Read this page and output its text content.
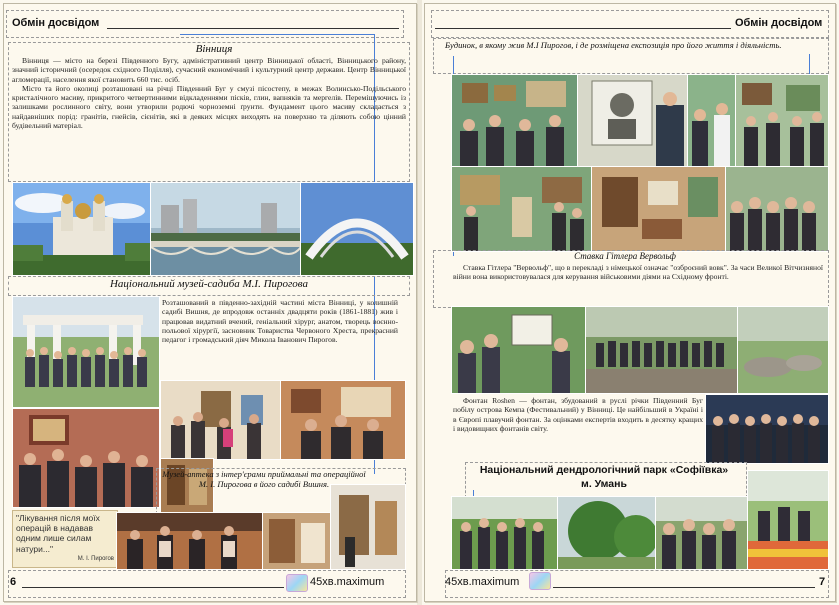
Обмін досвідом
Вінниця

Вінниця — місто на березі Південного Бугу, адміністративний центр Вінницької області, Вінницького району, значний історичний (осередок східного Поділля), сучасний економічний і культурний центр держави. Центр Вінницької агломерації, населення якої становить 660 тис. осіб.

Місто та його околиці розташовані на річці Південний Буг у смузі пісостепу, в межах Волинсько-Подільського кристалічного масиву, прикритого четвертинними відкладеннями пісків, глин, вапняків та мергелів. Перемішуючись із залишками рослинного світу, вони утворили родючі чорноземні ґрунти. Фундамент цього масиву складається з найдавніших порід: гранітів, гнейсів, сієнітів, які в деяких місцях виходять на поверхню та діляють собою цінний будівельний матеріал.

Національний музей-садиба М.І. Пирогова

Розташований в південно-західній частині міста Вінниці, у колишній садибі Вишня, де впродовж останніх двадцяти років (1861-1881) жив і працював видатний вчений, геніальний хірург, анатом, творець воєнно-польової хірургії, засновник Товариства Червоного Хреста, прекрасний педагог і громадський діяч Микола Іванович Пирогов.

Музей-аптека з інтер'єрами приймальні та операційної М. І. Пирогова в його садибі Вишня.
"Лікування після моїх операцій в надавав одним лише силам натури..."
М. І. Пирогов
6	45хв.maximum
Обмін досвідом
Будинок, в якому жив М.І Пирогов, і де розміщена експозиція про його життя і діяльність.
Ставка Гітлера Вервольф

Ставка Гітлера "Вервольф", що в перекладі з німецької означає "озброєний вовк". За часи Великої Вітчизняної війни вона використовувалася для керування військовими діями на Східному фронті.

Фонтан Roshen — фонтан, збудований в руслі річки Південний Буг побілу острова Кемпа (Фестивальний) у Вінниці. Це найбільший в Україні і в Європі плавучий фонтан. За оцінками експертів входить в десятку кращих і видовищних фонтанів світу.

Національний дендрологічний парк «Софіївка»
м. Умань
45хв.maximum	7
